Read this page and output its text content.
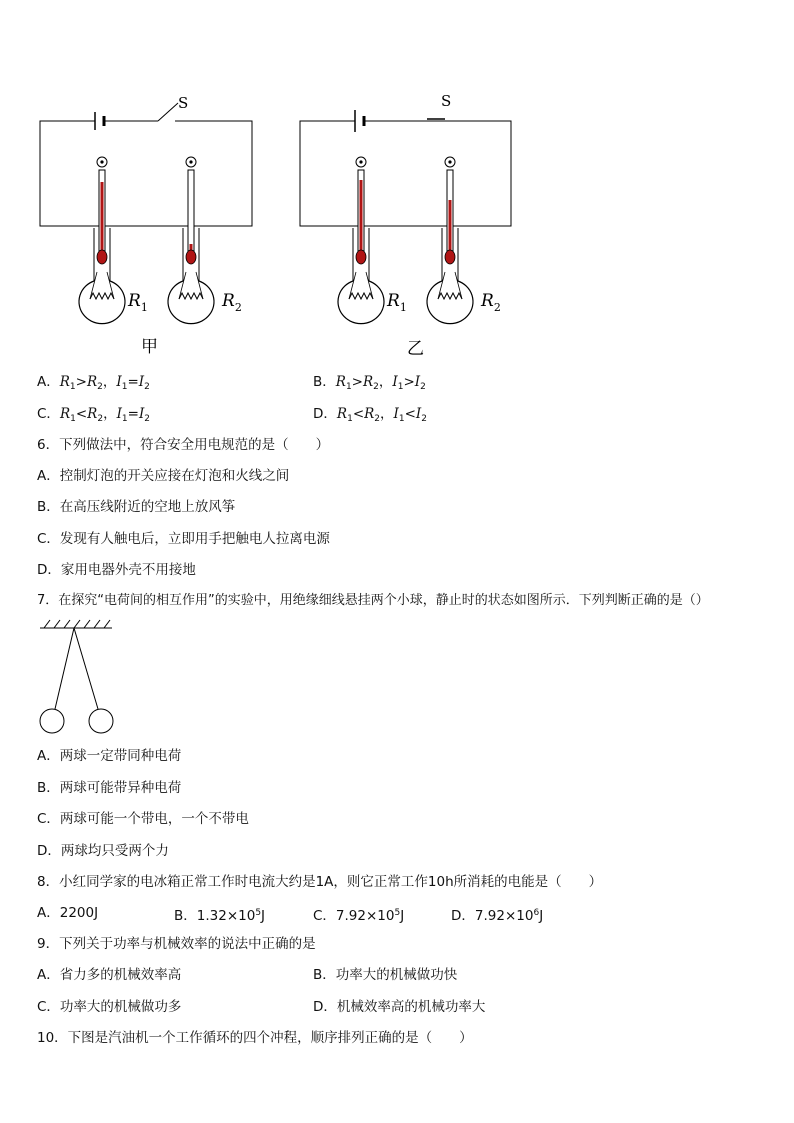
S	S
$R_1$	$R_2$	$R_1$	$R_2$
甲	乙
A．$R_1>R_2$，$I_1=I_2$	B．$R_1>R_2$，$I_1>I_2$
C．$R_1<R_2$，$I_1=I_2$	D．$R_1<R_2$，$I_1<I_2$
6．下列做法中，符合安全用电规范的是（　　）
A．控制灯泡的开关应接在灯泡和火线之间
B．在高压线附近的空地上放风筝
C．发现有人触电后，立即用手把触电人拉离电源
D．家用电器外壳不用接地
7．在探究“电荷间的相互作用”的实验中，用绝缘细线悬挂两个小球，静止时的状态如图所示．下列判断正确的是（）
A．两球一定带同种电荷
B．两球可能带异种电荷
C．两球可能一个带电，一个不带电
D．两球均只受两个力
8．小红同学家的电冰箱正常工作时电流大约是1A，则它正常工作10h所消耗的电能是（　　）
A．2200J	B．$1.32\times 10^5J$	C．$7.92\times 10^5J$	D．$7.92\times 10^6J$
9．下列关于功率与机械效率的说法中正确的是
A．省力多的机械效率高	B．功率大的机械做功快
C．功率大的机械做功多	D．机械效率高的机械功率大
10．下图是汽油机一个工作循环的四个冲程，顺序排列正确的是（　　）
